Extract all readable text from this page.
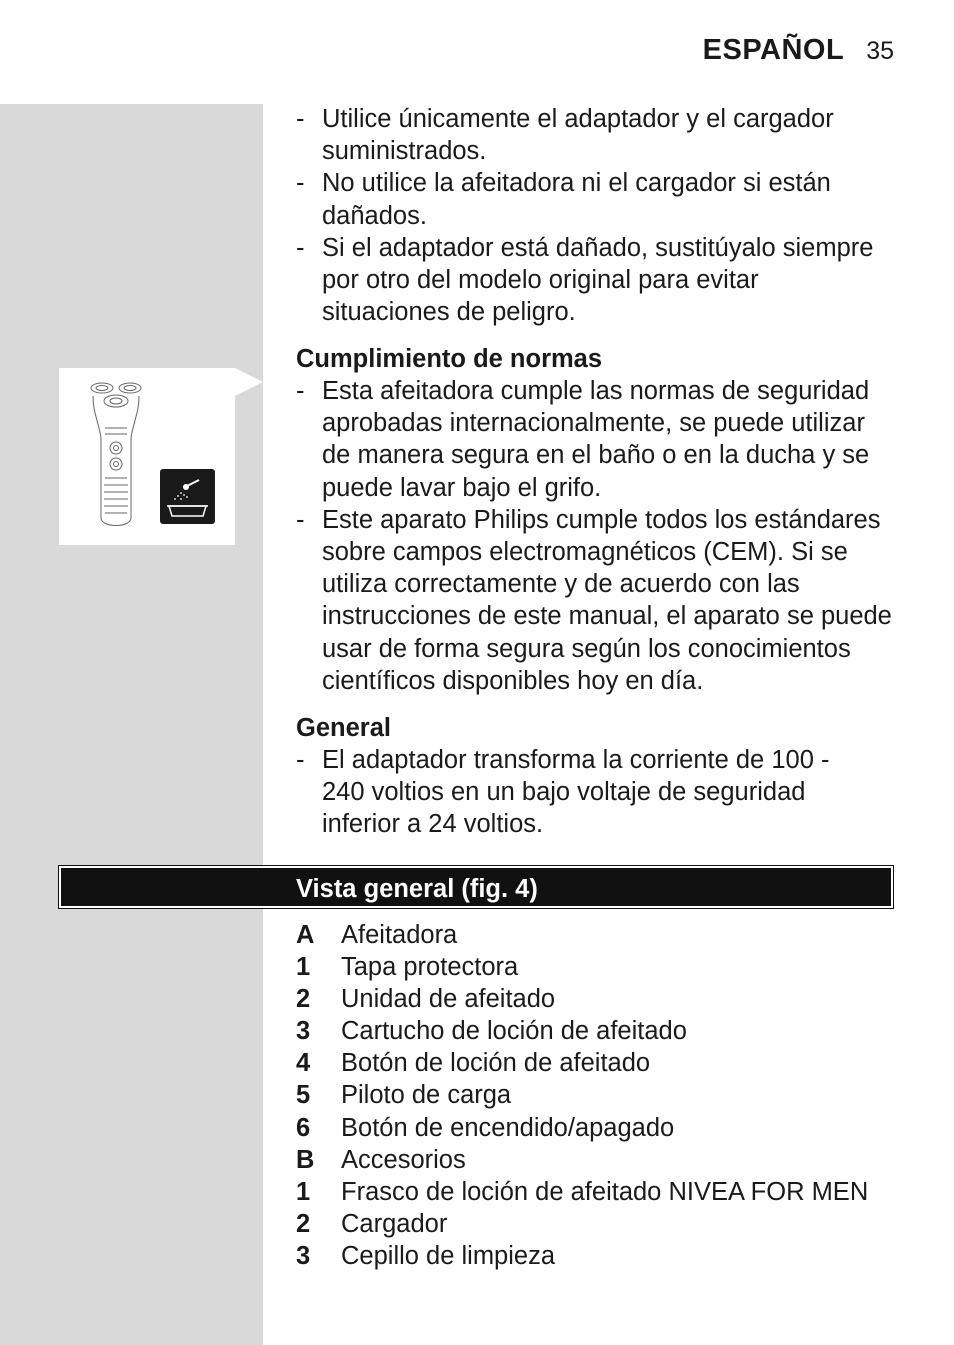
ESPAÑOL 35
- Utilice únicamente el adaptador y el cargador suministrados.
- No utilice la afeitadora ni el cargador si están dañados.
- Si el adaptador está dañado, sustitúyalo siempre por otro del modelo original para evitar situaciones de peligro.
Cumplimiento de normas
- Esta afeitadora cumple las normas de seguridad aprobadas internacionalmente, se puede utilizar de manera segura en el baño o en la ducha y se puede lavar bajo el grifo.
- Este aparato Philips cumple todos los estándares sobre campos electromagnéticos (CEM). Si se utiliza correctamente y de acuerdo con las instrucciones de este manual, el aparato se puede usar de forma segura según los conocimientos científicos disponibles hoy en día.
General
- El adaptador transforma la corriente de 100 - 240 voltios en un bajo voltaje de seguridad inferior a 24 voltios.
Vista general (fig. 4)
A	Afeitadora
1	Tapa protectora
2	Unidad de afeitado
3	Cartucho de loción de afeitado
4	Botón de loción de afeitado
5	Piloto de carga
6	Botón de encendido/apagado
B	Accesorios
1	Frasco de loción de afeitado NIVEA FOR MEN
2	Cargador
3	Cepillo de limpieza
